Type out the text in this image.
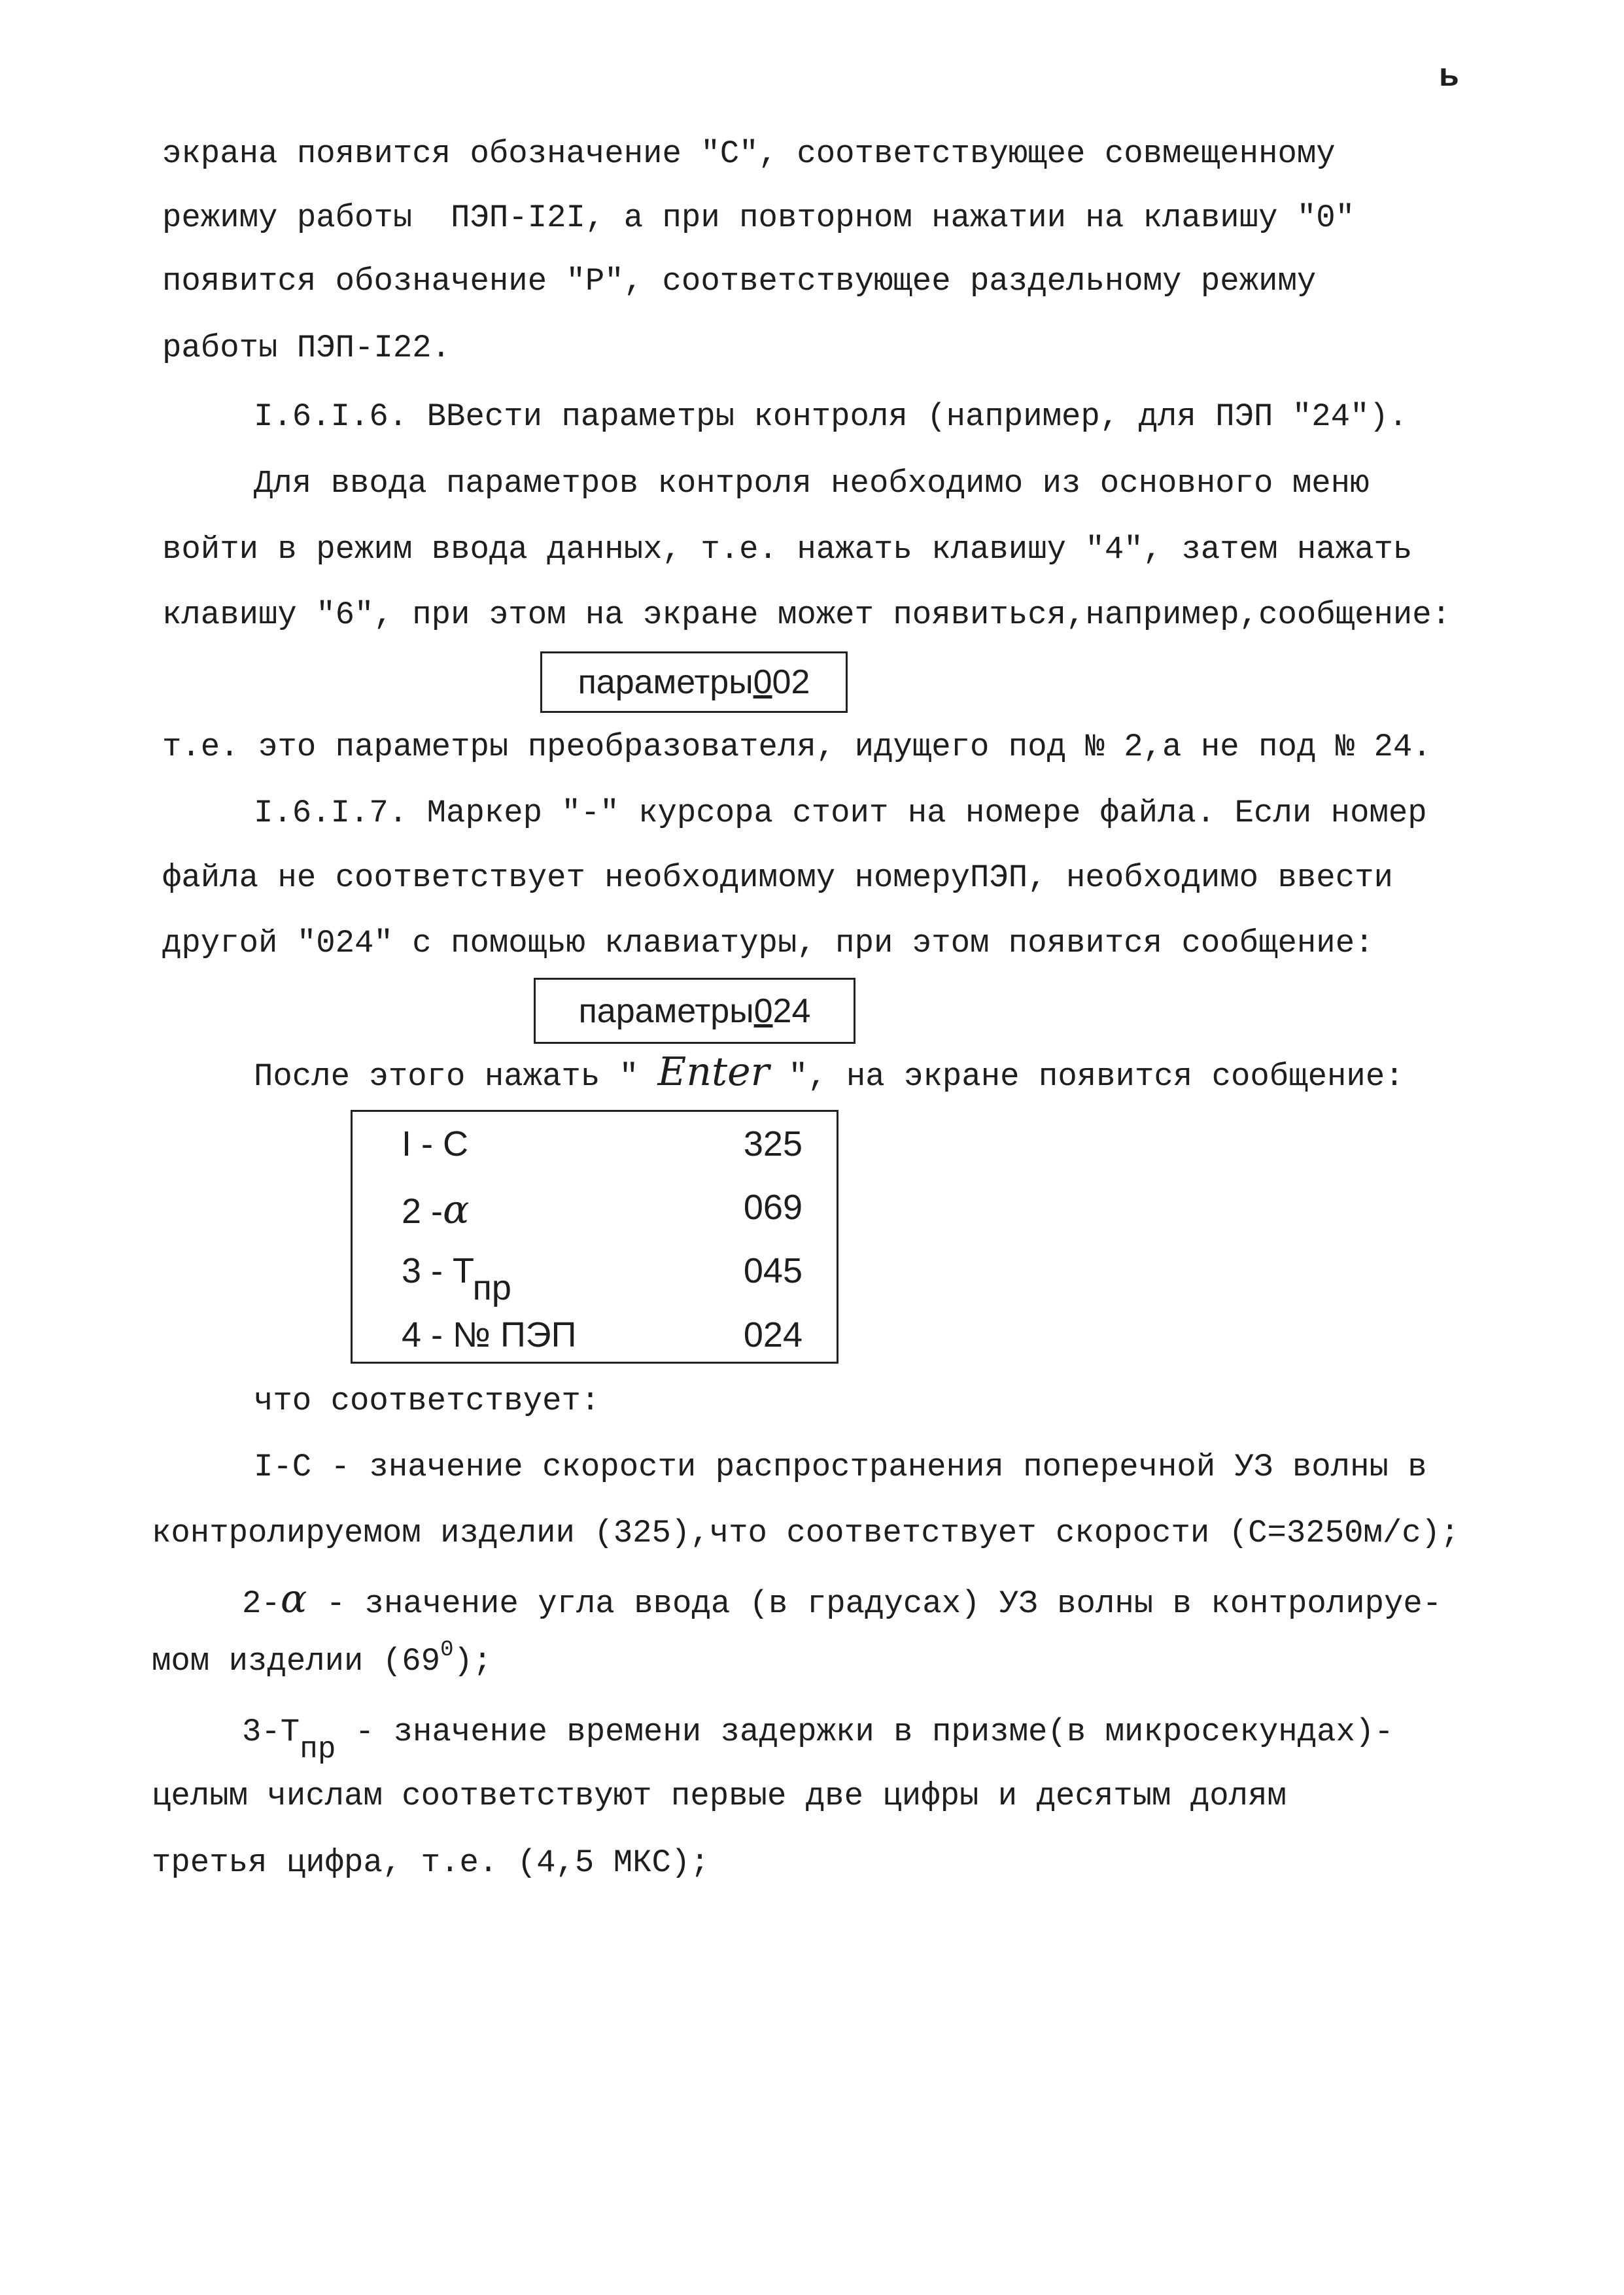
ь
экрана появится обозначение "С", соответствующее совмещенному
режиму работы  ПЭП-I2I, а при повторном нажатии на клавишу "0"
появится обозначение "Р", соответствующее раздельному режиму
работы ПЭП-I22.
I.6.I.6. ВВести параметры контроля (например, для ПЭП "24").
Для ввода параметров контроля необходимо из основного меню
войти в режим ввода данных, т.е. нажать клавишу "4", затем нажать
клавишу "6", при этом на экране может появиться,например,сообщение:
параметры 0 02
т.е. это параметры преобразователя, идущего под № 2,а не под № 24.
I.6.I.7. Маркер "-" курсора стоит на номере файла. Если номер
файла не соответствует необходимому номеруПЭП, необходимо ввести
другой "024" с помощью клавиатуры, при этом появится сообщение:
параметры 0 24
После этого нажать " Enter ", на экране появится сообщение:
I - C	325
2 -α	069
3 - Тпр	045
4 - № ПЭП	024
что соответствует:
I-C - значение скорости распространения поперечной УЗ волны в
контролируемом изделии (325),что соответствует скорости (С=3250м/с);
2-α - значение угла ввода (в градусах) УЗ волны в контролируе-
мом изделии $(69^0)$;
3-Тпр - значение времени задержки в призме(в микросекундах)-
целым числам соответствуют первые две цифры и десятым долям
третья цифра, т.е. (4,5 МКС);
